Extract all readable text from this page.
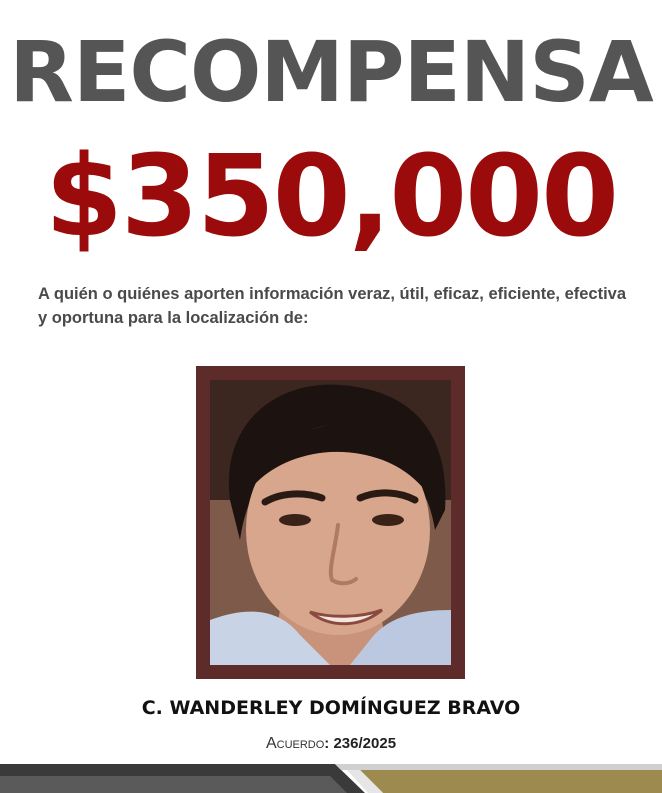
RECOMPENSA
$350,000
A quién o quiénes aporten información veraz, útil, eficaz, eficiente, efectiva y oportuna para la localización de:
C. WANDERLEY DOMÍNGUEZ BRAVO
Acuerdo: 236/2025
